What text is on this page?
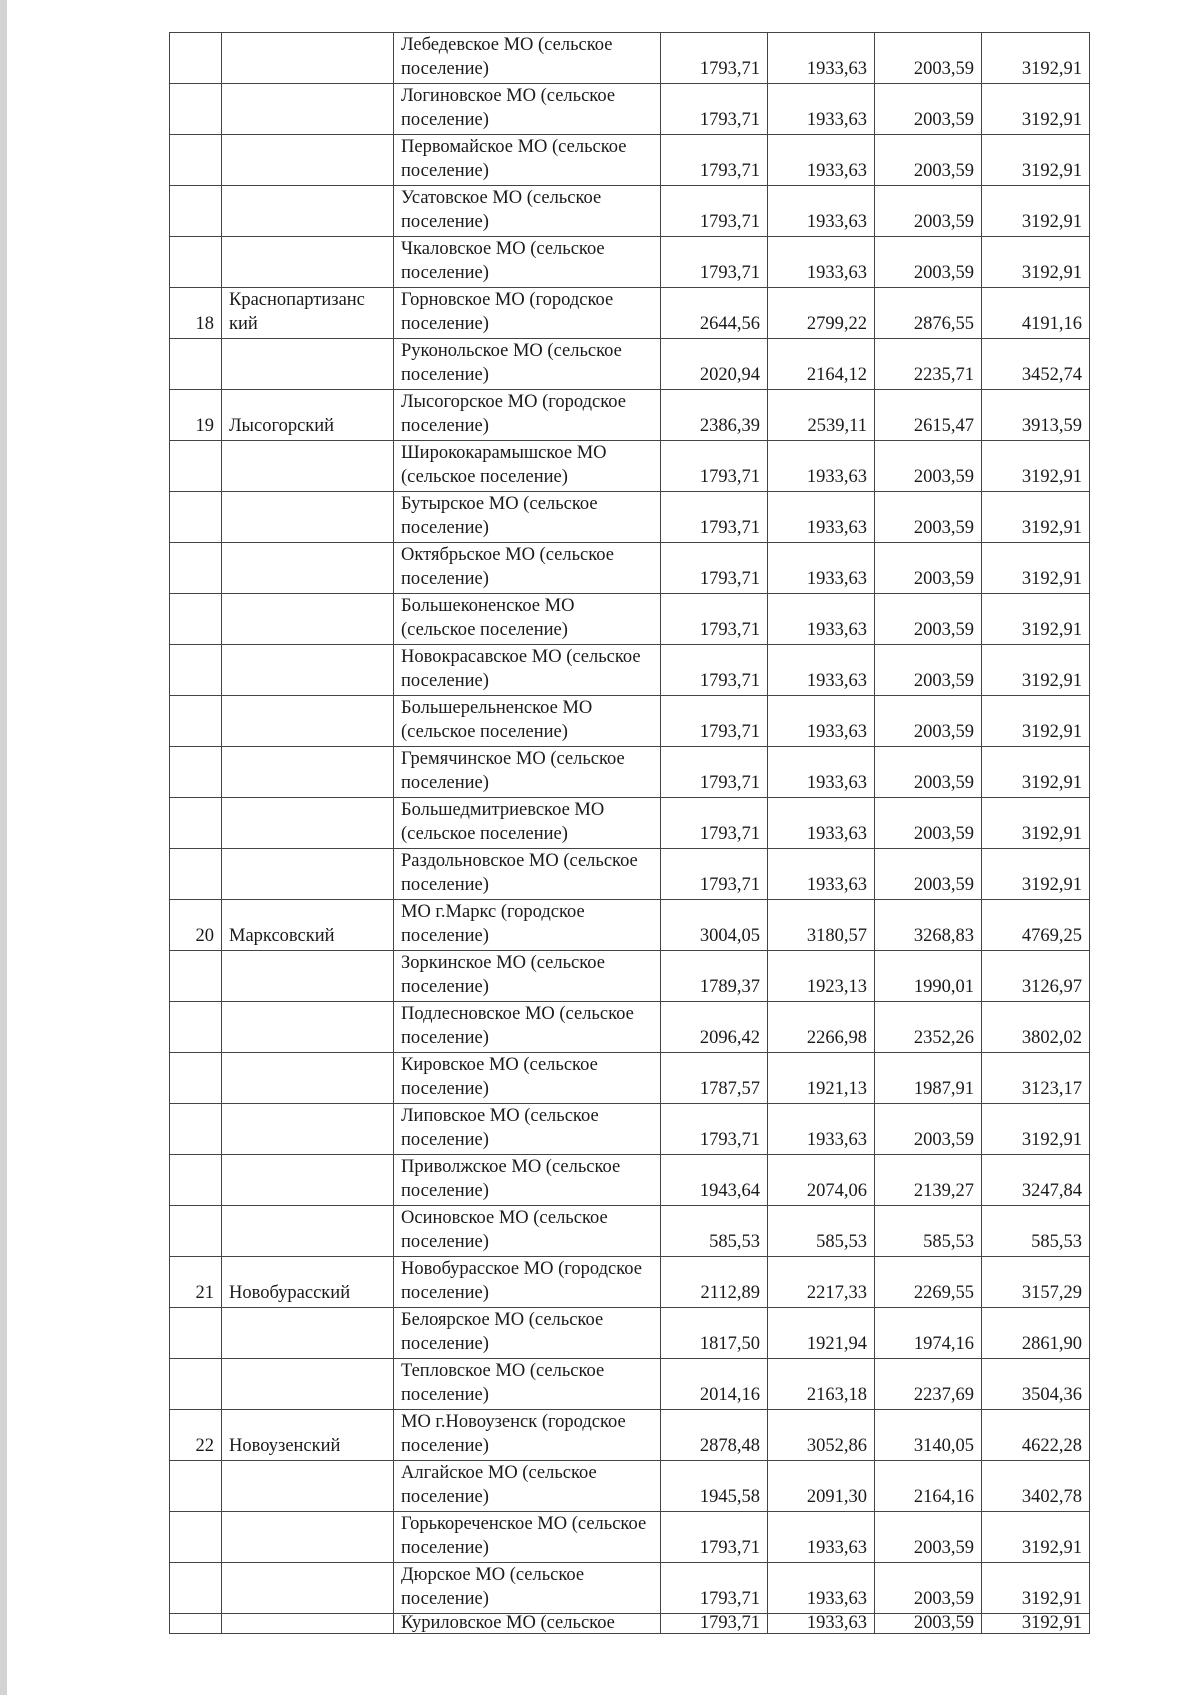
		Лебедевское МО (сельское поселение)	1793,71	1933,63	2003,59	3192,91
		Логиновское МО (сельское поселение)	1793,71	1933,63	2003,59	3192,91
		Первомайское МО (сельское поселение)	1793,71	1933,63	2003,59	3192,91
		Усатовское МО (сельское поселение)	1793,71	1933,63	2003,59	3192,91
		Чкаловское МО (сельское поселение)	1793,71	1933,63	2003,59	3192,91
18	Краснопартизанс кий	Горновское МО (городское поселение)	2644,56	2799,22	2876,55	4191,16
		Руконольское МО (сельское поселение)	2020,94	2164,12	2235,71	3452,74
19	Лысогорский	Лысогорское МО (городское поселение)	2386,39	2539,11	2615,47	3913,59
		Ширококарамышское МО (сельское поселение)	1793,71	1933,63	2003,59	3192,91
		Бутырское МО (сельское поселение)	1793,71	1933,63	2003,59	3192,91
		Октябрьское МО (сельское поселение)	1793,71	1933,63	2003,59	3192,91
		Большеконенское МО (сельское поселение)	1793,71	1933,63	2003,59	3192,91
		Новокрасавское МО (сельское поселение)	1793,71	1933,63	2003,59	3192,91
		Большерельненское МО (сельское поселение)	1793,71	1933,63	2003,59	3192,91
		Гремячинское МО (сельское поселение)	1793,71	1933,63	2003,59	3192,91
		Большедмитриевское МО (сельское поселение)	1793,71	1933,63	2003,59	3192,91
		Раздольновское МО (сельское поселение)	1793,71	1933,63	2003,59	3192,91
20	Марксовский	МО г.Маркс (городское поселение)	3004,05	3180,57	3268,83	4769,25
		Зоркинское МО (сельское поселение)	1789,37	1923,13	1990,01	3126,97
		Подлесновское МО (сельское поселение)	2096,42	2266,98	2352,26	3802,02
		Кировское МО (сельское поселение)	1787,57	1921,13	1987,91	3123,17
		Липовское МО (сельское поселение)	1793,71	1933,63	2003,59	3192,91
		Приволжское МО (сельское поселение)	1943,64	2074,06	2139,27	3247,84
		Осиновское МО (сельское поселение)	585,53	585,53	585,53	585,53
21	Новобурасский	Новобурасское МО (городское поселение)	2112,89	2217,33	2269,55	3157,29
		Белоярское МО (сельское поселение)	1817,50	1921,94	1974,16	2861,90
		Тепловское МО (сельское поселение)	2014,16	2163,18	2237,69	3504,36
22	Новоузенский	МО г.Новоузенск (городское поселение)	2878,48	3052,86	3140,05	4622,28
		Алгайское МО (сельское поселение)	1945,58	2091,30	2164,16	3402,78
		Горькореченское МО (сельское поселение)	1793,71	1933,63	2003,59	3192,91
		Дюрское МО (сельское поселение)	1793,71	1933,63	2003,59	3192,91
		Куриловское МО (сельское	1793,71	1933,63	2003,59	3192,91
